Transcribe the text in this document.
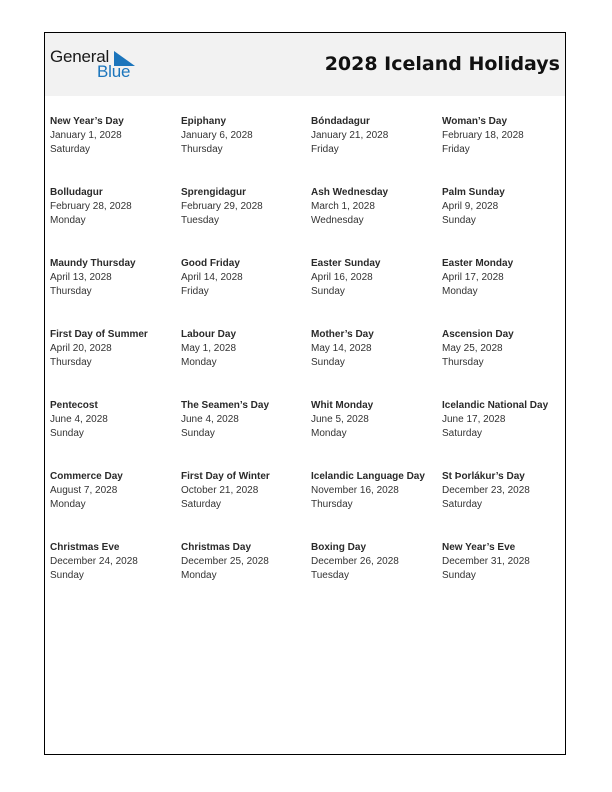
General
Blue	2028 Iceland Holidays
New Year’s Day
January 1, 2028
Saturday
Epiphany
January 6, 2028
Thursday
Bóndadagur
January 21, 2028
Friday
Woman’s Day
February 18, 2028
Friday
Bolludagur
February 28, 2028
Monday
Sprengidagur
February 29, 2028
Tuesday
Ash Wednesday
March 1, 2028
Wednesday
Palm Sunday
April 9, 2028
Sunday
Maundy Thursday
April 13, 2028
Thursday
Good Friday
April 14, 2028
Friday
Easter Sunday
April 16, 2028
Sunday
Easter Monday
April 17, 2028
Monday
First Day of Summer
April 20, 2028
Thursday
Labour Day
May 1, 2028
Monday
Mother’s Day
May 14, 2028
Sunday
Ascension Day
May 25, 2028
Thursday
Pentecost
June 4, 2028
Sunday
The Seamen’s Day
June 4, 2028
Sunday
Whit Monday
June 5, 2028
Monday
Icelandic National Day
June 17, 2028
Saturday
Commerce Day
August 7, 2028
Monday
First Day of Winter
October 21, 2028
Saturday
Icelandic Language Day
November 16, 2028
Thursday
St Þorlákur’s Day
December 23, 2028
Saturday
Christmas Eve
December 24, 2028
Sunday
Christmas Day
December 25, 2028
Monday
Boxing Day
December 26, 2028
Tuesday
New Year’s Eve
December 31, 2028
Sunday
